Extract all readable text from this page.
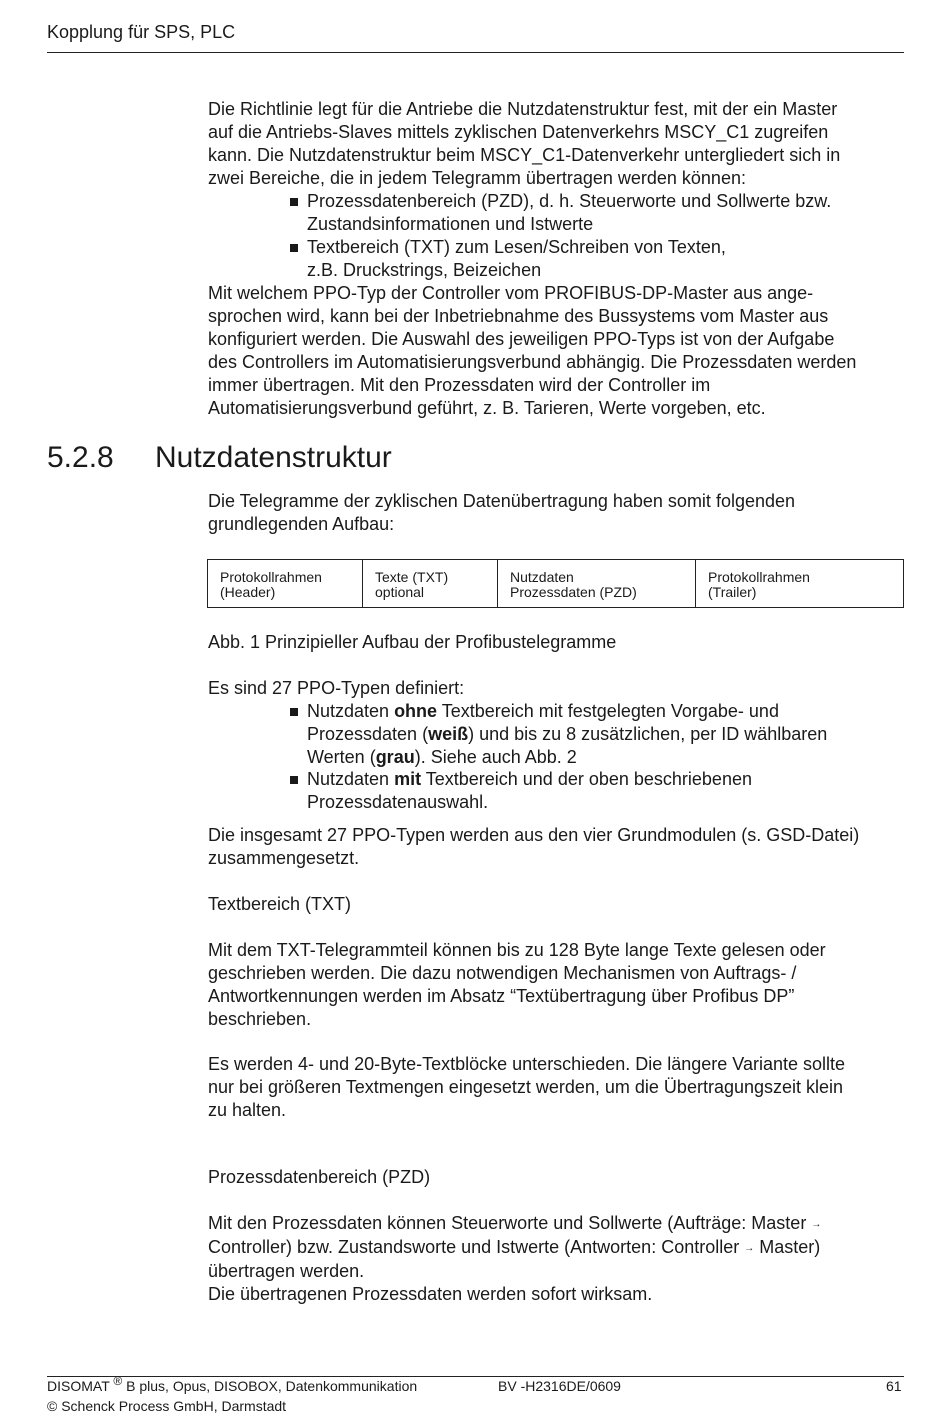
Kopplung für SPS, PLC
Die Richtlinie legt für die Antriebe die Nutzdatenstruktur fest, mit der ein Master
auf die Antriebs-Slaves mittels zyklischen Datenverkehrs MSCY_C1 zugreifen
kann. Die Nutzdatenstruktur beim MSCY_C1-Datenverkehr untergliedert sich in
zwei Bereiche, die in jedem Telegramm übertragen werden können:
Prozessdatenbereich (PZD), d. h. Steuerworte und Sollwerte bzw.
Zustandsinformationen und Istwerte
Textbereich (TXT) zum Lesen/Schreiben von Texten,
z.B. Druckstrings, Beizeichen
Mit welchem PPO-Typ der Controller vom PROFIBUS-DP-Master aus ange-
sprochen wird, kann bei der Inbetriebnahme des Bussystems vom Master aus
konfiguriert werden. Die Auswahl des jeweiligen PPO-Typs ist von der Aufgabe
des Controllers im Automatisierungsverbund abhängig. Die Prozessdaten werden
immer übertragen. Mit den Prozessdaten wird der Controller im
Automatisierungsverbund geführt, z. B. Tarieren, Werte vorgeben, etc.
5.2.8 Nutzdatenstruktur
Die Telegramme der zyklischen Datenübertragung haben somit folgenden
grundlegenden Aufbau:
Protokollrahmen
(Header)
Texte (TXT)
optional
Nutzdaten
Prozessdaten (PZD)
Protokollrahmen
(Trailer)
Abb. 1 Prinzipieller Aufbau der Profibustelegramme
Es sind 27 PPO-Typen definiert:
Nutzdaten ohne Textbereich mit festgelegten Vorgabe- und
Prozessdaten (weiß) und bis zu 8 zusätzlichen, per ID wählbaren
Werten (grau). Siehe auch Abb. 2
Nutzdaten mit Textbereich und der oben beschriebenen
Prozessdatenauswahl.
Die insgesamt 27 PPO-Typen werden aus den vier Grundmodulen (s. GSD-Datei)
zusammengesetzt.
Textbereich (TXT)
Mit dem TXT-Telegrammteil können bis zu 128 Byte lange Texte gelesen oder
geschrieben werden. Die dazu notwendigen Mechanismen von Auftrags- /
Antwortkennungen werden im Absatz “Textübertragung über Profibus DP”
beschrieben.
Es werden 4- und 20-Byte-Textblöcke unterschieden. Die längere Variante sollte
nur bei größeren Textmengen eingesetzt werden, um die Übertragungszeit klein
zu halten.
Prozessdatenbereich (PZD)
Mit den Prozessdaten können Steuerworte und Sollwerte (Aufträge: Master →
Controller) bzw. Zustandsworte und Istwerte (Antworten: Controller → Master)
übertragen werden.
Die übertragenen Prozessdaten werden sofort wirksam.
DISOMAT ® B plus, Opus, DISOBOX, Datenkommunikation
© Schenck Process GmbH, Darmstadt
BV -H2316DE/0609	61
